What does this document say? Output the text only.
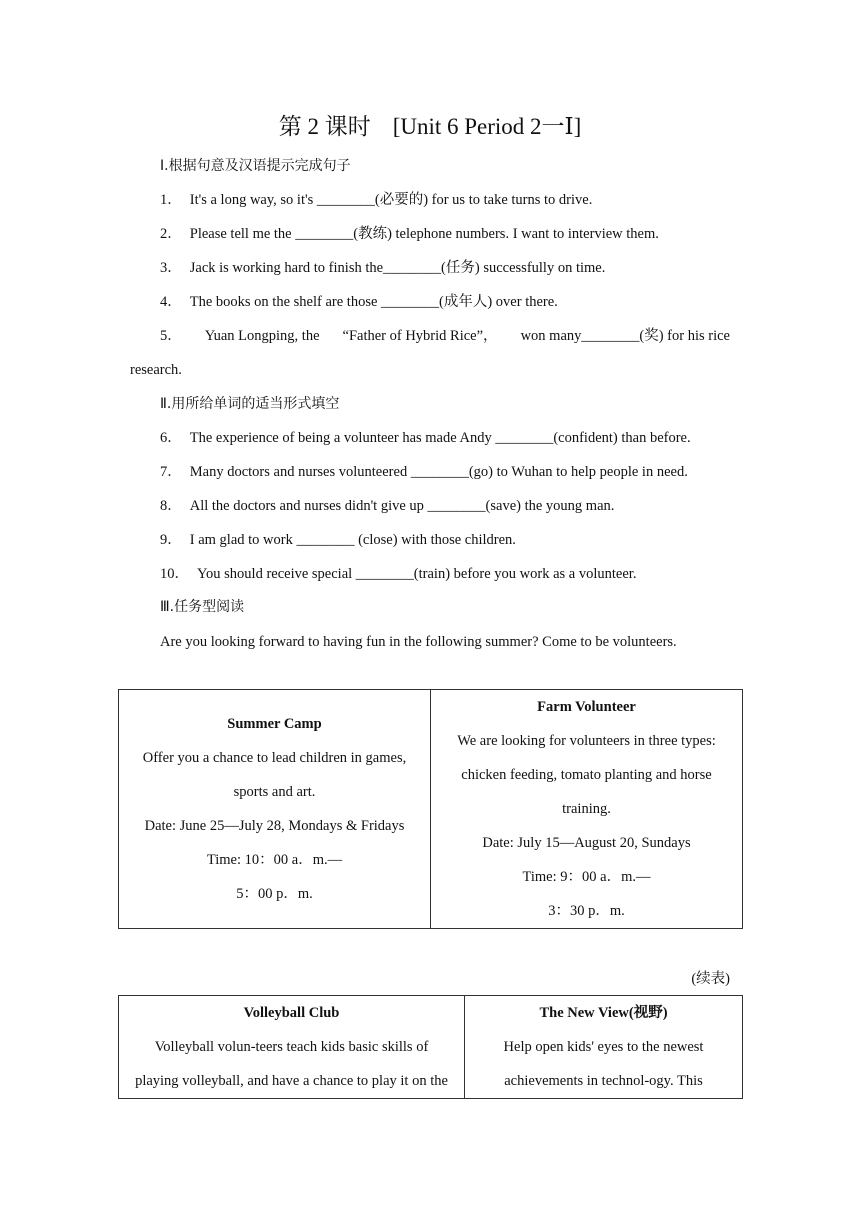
第 2 课时 [Unit 6 Period 2一Ⅰ]
Ⅰ.根据句意及汉语提示完成句子
1． It's a long way, so it's ________(必要的) for us to take turns to drive.
2． Please tell me the ________(教练) telephone numbers. I want to interview them.
3． Jack is working hard to finish the________(任务) successfully on time.
4． The books on the shelf are those ________(成年人) over there.
5． Yuan Longping, the “Father of Hybrid Rice”， won many________(奖) for his rice
research.
Ⅱ.用所给单词的适当形式填空
6． The experience of being a volunteer has made Andy ________(confident) than before.
7． Many doctors and nurses volunteered ________(go) to Wuhan to help people in need.
8． All the doctors and nurses didn't give up ________(save) the young man.
9． I am glad to work ________ (close) with those children.
10． You should receive special ________(train) before you work as a volunteer.
Ⅲ.任务型阅读
Are you looking forward to having fun in the following summer? Come to be volunteers.
Summer Camp
Offer you a chance to lead children in games,
sports and art.
Date: June 25—July 28, Mondays & Fridays
Time: 10：00 a．m.—
5：00 p．m.

Farm Volunteer
We are looking for volunteers in three types:
chicken feeding, tomato planting and horse
training.
Date: July 15—August 20, Sundays
Time: 9：00 a．m.—
3：30 p．m.
(续表)
Volleyball Club
Volleyball volun-teers teach kids basic skills of
playing volleyball, and have a chance to play it on the

The New View(视野)
Help open kids' eyes to the newest
achievements in technol-ogy. This
